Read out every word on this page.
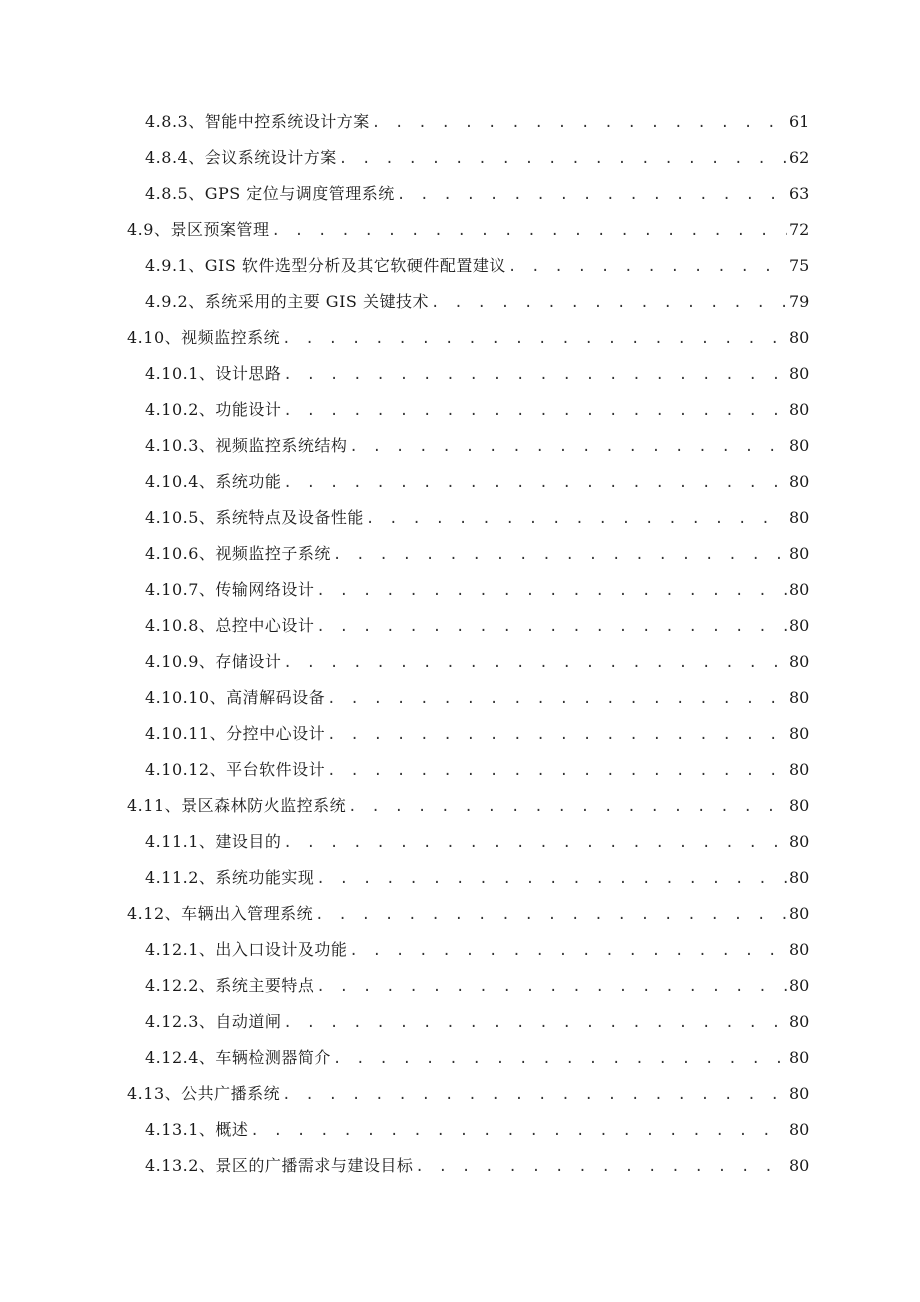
4.8.3、智能中控系统设计方案 . . .	61
4.8.4、会议系统设计方案 . . .	62
4.8.5、GPS 定位与调度管理系统 . . .	63
4.9、景区预案管理 . . .	72
4.9.1、GIS 软件选型分析及其它软硬件配置建议 . . .	75
4.9.2、系统采用的主要 GIS 关键技术 . . .	79
4.10、视频监控系统 . . .	80
4.10.1、设计思路 . . .	80
4.10.2、功能设计 . . .	80
4.10.3、视频监控系统结构 . . .	80
4.10.4、系统功能 . . .	80
4.10.5、系统特点及设备性能 . . .	80
4.10.6、视频监控子系统 . . .	80
4.10.7、传输网络设计 . . .	80
4.10.8、总控中心设计 . . .	80
4.10.9、存储设计 . . .	80
4.10.10、高清解码设备 . . .	80
4.10.11、分控中心设计 . . .	80
4.10.12、平台软件设计 . . .	80
4.11、景区森林防火监控系统 . . .	80
4.11.1、建设目的 . . .	80
4.11.2、系统功能实现 . . .	80
4.12、车辆出入管理系统 . . .	80
4.12.1、出入口设计及功能 . . .	80
4.12.2、系统主要特点 . . .	80
4.12.3、自动道闸 . . .	80
4.12.4、车辆检测器简介 . . .	80
4.13、公共广播系统 . . .	80
4.13.1、概述 . . .	80
4.13.2、景区的广播需求与建设目标 . . .	80
